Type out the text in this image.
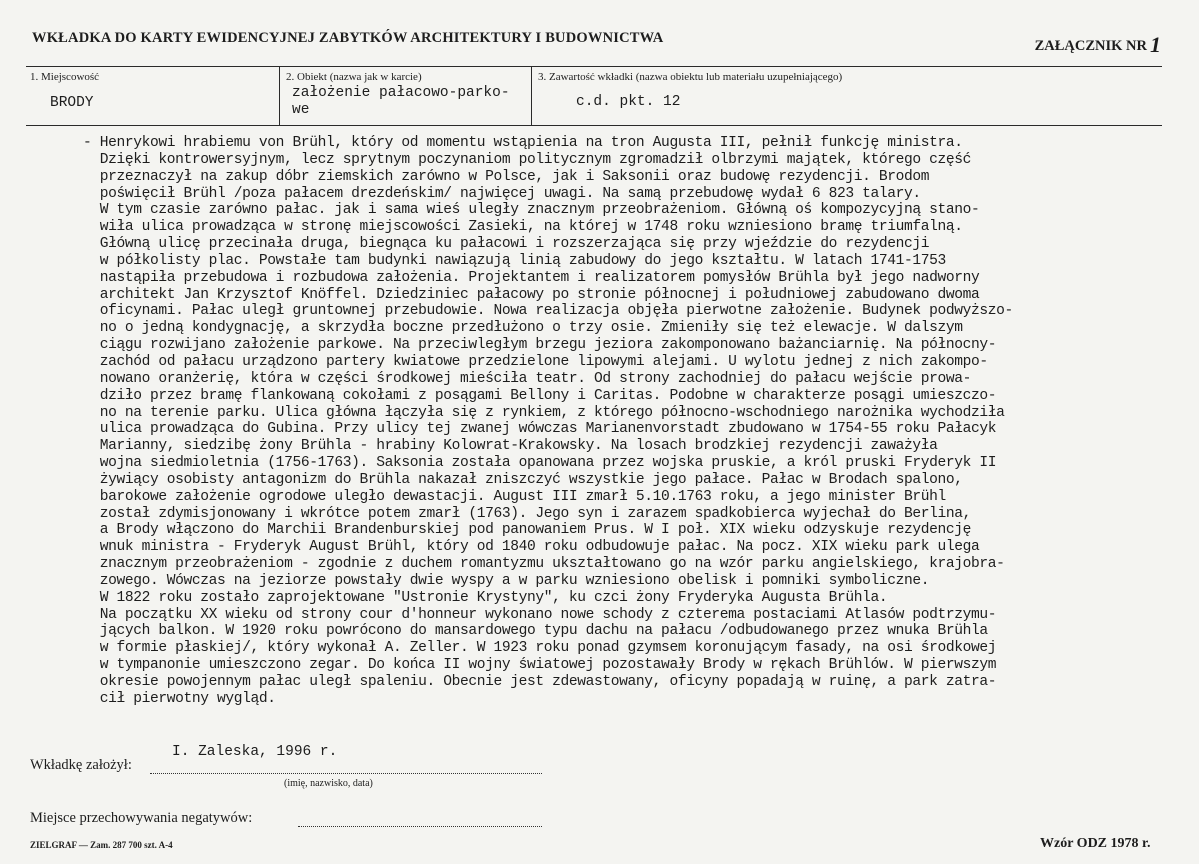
WKŁADKA DO KARTY EWIDENCYJNEJ ZABYTKÓW ARCHITEKTURY I BUDOWNICTWA	ZAŁĄCZNIK NR 1
1. Miejscowość
BRODY
2. Obiekt (nazwa jak w karcie)
założenie pałacowo-parko-
we
3. Zawartość wkładki (nazwa obiektu lub materiału uzupełniającego)
c.d. pkt. 12
- Henrykowi hrabiemu von Brühl, który od momentu wstąpienia na tron Augusta III, pełnił funkcję ministra.
Dzięki kontrowersyjnym, lecz sprytnym poczynaniom politycznym zgromadził olbrzymi majątek, którego część
przeznaczył na zakup dóbr ziemskich zarówno w Polsce, jak i Saksonii oraz budowę rezydencji. Brodom
poświęcił Brühl /poza pałacem drezdeńskim/ najwięcej uwagi. Na samą przebudowę wydał 6 823 talary.
W tym czasie zarówno pałac. jak i sama wieś uległy znacznym przeobrażeniom. Główną oś kompozycyjną stano-
wiła ulica prowadząca w stronę miejscowości Zasieki, na której w 1748 roku wzniesiono bramę triumfalną.
Główną ulicę przecinała druga, biegnąca ku pałacowi i rozszerzająca się przy wjeździe do rezydencji
w półkolisty plac. Powstałe tam budynki nawiązują linią zabudowy do jego kształtu. W latach 1741-1753
nastąpiła przebudowa i rozbudowa założenia. Projektantem i realizatorem pomysłów Brühla był jego nadworny
architekt Jan Krzysztof Knöffel. Dziedziniec pałacowy po stronie północnej i południowej zabudowano dwoma
oficynami. Pałac uległ gruntownej przebudowie. Nowa realizacja objęła pierwotne założenie. Budynek podwyższo-
no o jedną kondygnację, a skrzydła boczne przedłużono o trzy osie. Zmieniły się też elewacje. W dalszym
ciągu rozwijano założenie parkowe. Na przeciwległym brzegu jeziora zakomponowano bażanciarnię. Na północny-
zachód od pałacu urządzono partery kwiatowe przedzielone lipowymi alejami. U wylotu jednej z nich zakompo-
nowano oranżerię, która w części środkowej mieściła teatr. Od strony zachodniej do pałacu wejście prowa-
dziło przez bramę flankowaną cokołami z posągami Bellony i Caritas. Podobne w charakterze posągi umieszczo-
no na terenie parku. Ulica główna łączyła się z rynkiem, z którego północno-wschodniego narożnika wychodziła
ulica prowadząca do Gubina. Przy ulicy tej zwanej wówczas Marianenvorstadt zbudowano w 1754-55 roku Pałacyk
Marianny, siedzibę żony Brühla - hrabiny Kolowrat-Krakowsky. Na losach brodzkiej rezydencji zaważyła
wojna siedmioletnia (1756-1763). Saksonia została opanowana przez wojska pruskie, a król pruski Fryderyk II
żywiący osobisty antagonizm do Brühla nakazał zniszczyć wszystkie jego pałace. Pałac w Brodach spalono,
barokowe założenie ogrodowe uległo dewastacji. August III zmarł 5.10.1763 roku, a jego minister Brühl
został zdymisjonowany i wkrótce potem zmarł (1763). Jego syn i zarazem spadkobierca wyjechał do Berlina,
a Brody włączono do Marchii Brandenburskiej pod panowaniem Prus. W I poł. XIX wieku odzyskuje rezydencję
wnuk ministra - Fryderyk August Brühl, który od 1840 roku odbudowuje pałac. Na pocz. XIX wieku park ulega
znacznym przeobrażeniom - zgodnie z duchem romantyzmu ukształtowano go na wzór parku angielskiego, krajobra-
zowego. Wówczas na jeziorze powstały dwie wyspy a w parku wzniesiono obelisk i pomniki symboliczne.
W 1822 roku zostało zaprojektowane "Ustronie Krystyny", ku czci żony Fryderyka Augusta Brühla.
Na początku XX wieku od strony cour d'honneur wykonano nowe schody z czterema postaciami Atlasów podtrzymu-
jących balkon. W 1920 roku powrócono do mansardowego typu dachu na pałacu /odbudowanego przez wnuka Brühla
w formie płaskiej/, który wykonał A. Zeller. W 1923 roku ponad gzymsem koronującym fasady, na osi środkowej
w tympanonie umieszczono zegar. Do końca II wojny światowej pozostawały Brody w rękach Brühlów. W pierwszym
okresie powojennym pałac uległ spaleniu. Obecnie jest zdewastowany, oficyny popadają w ruinę, a park zatra-
cił pierwotny wygląd.
Wkładkę założył:
I. Zaleska, 1996 r.
(imię, nazwisko, data)
Miejsce przechowywania negatywów:
ZIELGRAF — Zam. 287 700 szt. A-4	Wzór ODZ 1978 r.
